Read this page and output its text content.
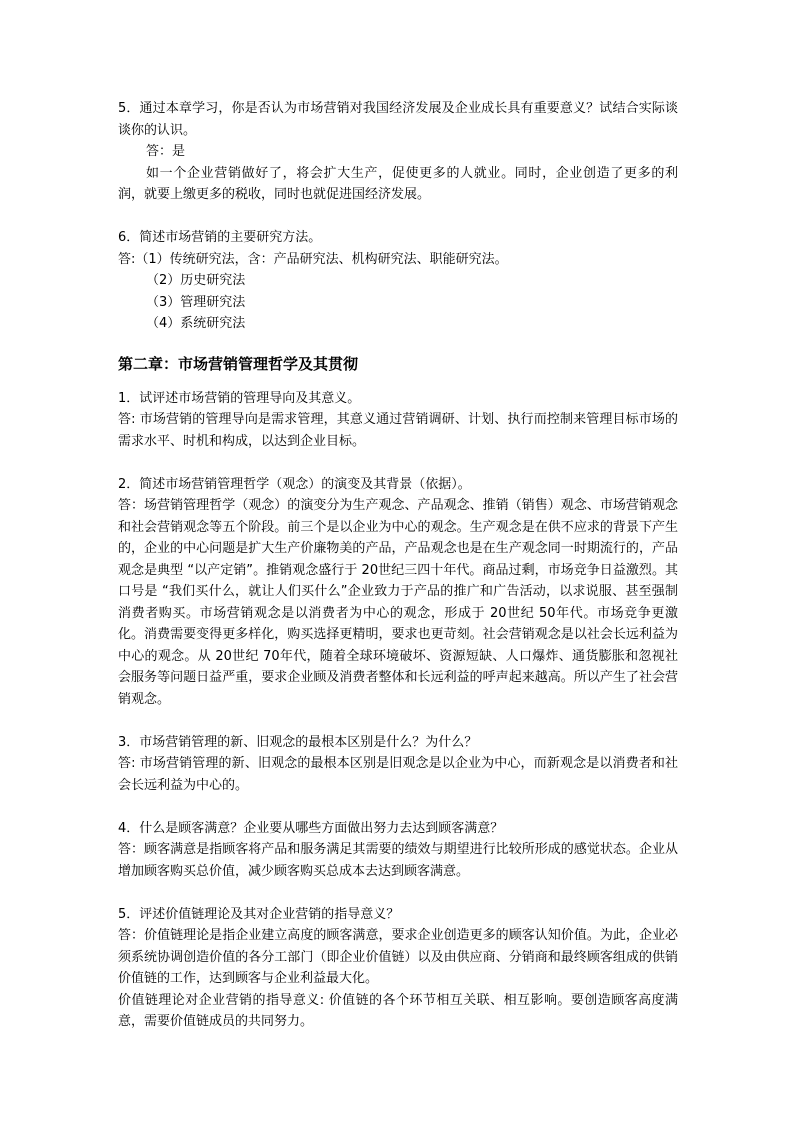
5．通过本章学习，你是否认为市场营销对我国经济发展及企业成长具有重要意义？试结合实际谈谈你的认识。

答：是

如一个企业营销做好了，将会扩大生产，促使更多的人就业。同时，企业创造了更多的利润，就要上缴更多的税收，同时也就促进国经济发展。

6．简述市场营销的主要研究方法。

答:（1）传统研究法，含：产品研究法、机构研究法、职能研究法。

（2）历史研究法

（3）管理研究法

（4）系统研究法

第二章：市场营销管理哲学及其贯彻

1．试评述市场营销的管理导向及其意义。

答: 市场营销的管理导向是需求管理，其意义通过营销调研、计划、执行而控制来管理目标市场的需求水平、时机和构成，以达到企业目标。

2．简述市场营销管理哲学（观念）的演变及其背景（依据）。

答：场营销管理哲学（观念）的演变分为生产观念、产品观念、推销（销售）观念、市场营销观念和社会营销观念等五个阶段。前三个是以企业为中心的观念。生产观念是在供不应求的背景下产生的，企业的中心问题是扩大生产价廉物美的产品，产品观念也是在生产观念同一时期流行的，产品观念是典型 “以产定销”。推销观念盛行于 20世纪三四十年代。商品过剩，市场竞争日益激烈。其口号是 “我们买什么，就让人们买什么”企业致力于产品的推广和广告活动，以求说服、甚至强制消费者购买。市场营销观念是以消费者为中心的观念，形成于 20世纪 50年代。市场竞争更激化。消费需要变得更多样化，购买选择更精明，要求也更苛刻。社会营销观念是以社会长远利益为中心的观念。从 20世纪 70年代，随着全球环境破坏、资源短缺、人口爆炸、通货膨胀和忽视社会服务等问题日益严重，要求企业顾及消费者整体和长远利益的呼声起来越高。所以产生了社会营销观念。

3．市场营销管理的新、旧观念的最根本区别是什么？为什么？

答: 市场营销管理的新、旧观念的最根本区别是旧观念是以企业为中心，而新观念是以消费者和社会长远利益为中心的。

4．什么是顾客满意？企业要从哪些方面做出努力去达到顾客满意？

答：顾客满意是指顾客将产品和服务满足其需要的绩效与期望进行比较所形成的感觉状态。企业从增加顾客购买总价值，减少顾客购买总成本去达到顾客满意。

5．评述价值链理论及其对企业营销的指导意义？

答：价值链理论是指企业建立高度的顾客满意，要求企业创造更多的顾客认知价值。为此，企业必须系统协调创造价值的各分工部门（即企业价值链）以及由供应商、分销商和最终顾客组成的供销价值链的工作，达到顾客与企业利益最大化。

价值链理论对企业营销的指导意义: 价值链的各个环节相互关联、相互影响。要创造顾客高度满意，需要价值链成员的共同努力。
